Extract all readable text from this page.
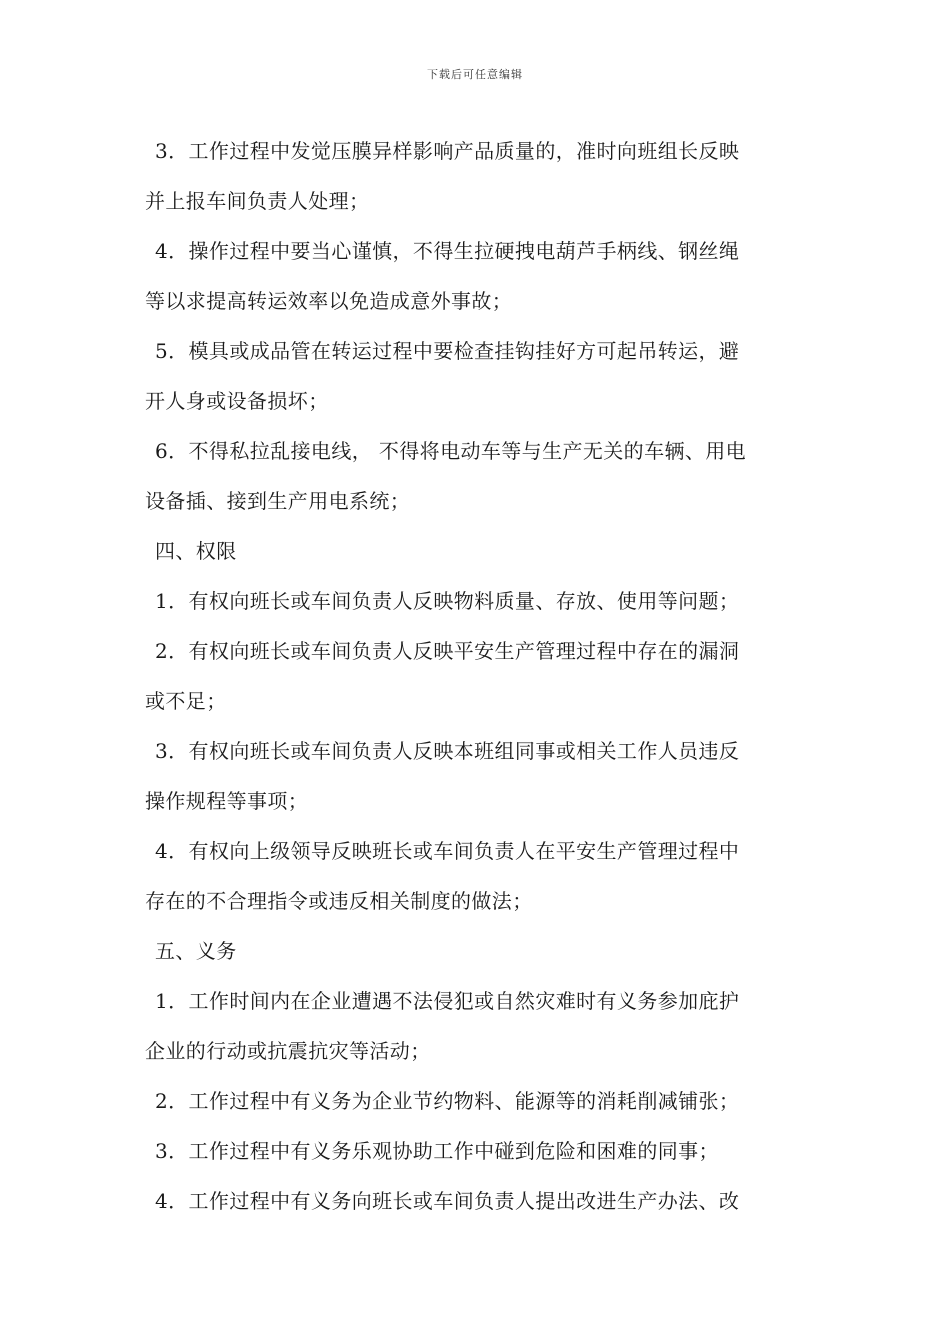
下载后可任意编辑
3．工作过程中发觉压膜异样影响产品质量的，准时向班组长反映
并上报车间负责人处理；
4．操作过程中要当心谨慎，不得生拉硬拽电葫芦手柄线、钢丝绳
等以求提高转运效率以免造成意外事故；
5．模具或成品管在转运过程中要检查挂钩挂好方可起吊转运，避
开人身或设备损坏；
6．不得私拉乱接电线， 不得将电动车等与生产无关的车辆、用电
设备插、接到生产用电系统；
四、权限
1．有权向班长或车间负责人反映物料质量、存放、使用等问题；
2．有权向班长或车间负责人反映平安生产管理过程中存在的漏洞
或不足；
3．有权向班长或车间负责人反映本班组同事或相关工作人员违反
操作规程等事项；
4．有权向上级领导反映班长或车间负责人在平安生产管理过程中
存在的不合理指令或违反相关制度的做法；
五、义务
1．工作时间内在企业遭遇不法侵犯或自然灾难时有义务参加庇护
企业的行动或抗震抗灾等活动；
2．工作过程中有义务为企业节约物料、能源等的消耗削减铺张；
3．工作过程中有义务乐观协助工作中碰到危险和困难的同事；
4．工作过程中有义务向班长或车间负责人提出改进生产办法、改
